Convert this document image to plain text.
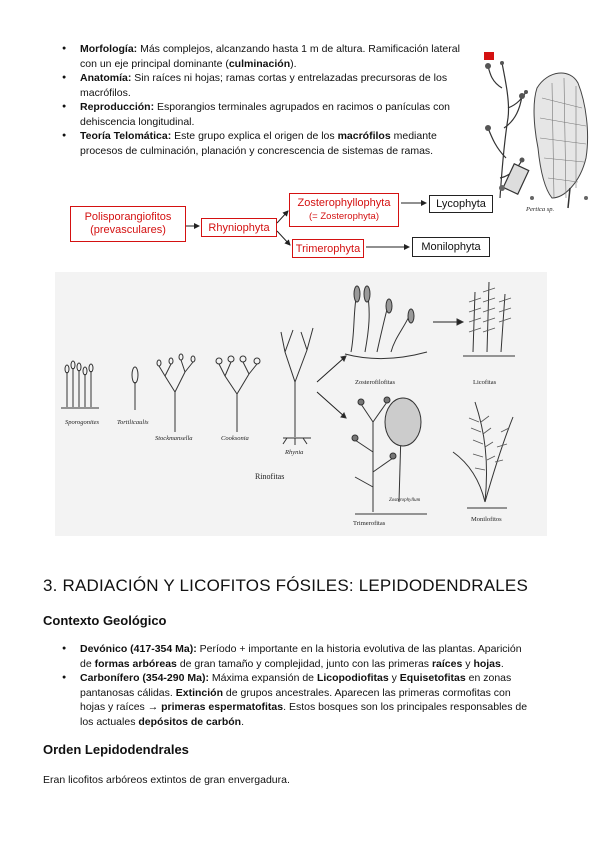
● Morfología: Más complejos, alcanzando hasta 1 m de altura. Ramificación lateral con un eje principal dominante (culminación).
● Anatomía: Sin raíces ni hojas; ramas cortas y entrelazadas precursoras de los macrófilos.
● Reproducción: Esporangios terminales agrupados en racimos o panículas con dehiscencia longitudinal.
● Teoría Telomática: Este grupo explica el origen de los macrófilos mediante procesos de culminación, planación y concrescencia de sistemas de ramas.
Pertica sp.
Polisporangiofitos
(prevasculares)	Rhyniophyta
Zosterophyllophyta
(= Zosterophyta)
Trimerophyta
Lycophyta
Monilophyta
Sporogonites	Tortilicaulis
Stockmansella	Cooksonia
Rhynia
Rinofitas
Zosterofilofitas	Licofitas
Zosterophyllum
Trimerofitas
Monilofitos
3. RADIACIÓN Y LICOFITOS FÓSILES: LEPIDODENDRALES
Contexto Geológico
● Devónico (417-354 Ma): Período + importante en la historia evolutiva de las plantas. Aparición de formas arbóreas de gran tamaño y complejidad, junto con las primeras raíces y hojas.
● Carbonífero (354-290 Ma): Máxima expansión de Licopodiofitas y Equisetofitas en zonas pantanosas cálidas. Extinción de grupos ancestrales. Aparecen las primeras cormofitas con hojas y raíces → primeras espermatofitas. Estos bosques son los principales responsables de los actuales depósitos de carbón.
Orden Lepidodendrales

Eran licofitos arbóreos extintos de gran envergadura.
